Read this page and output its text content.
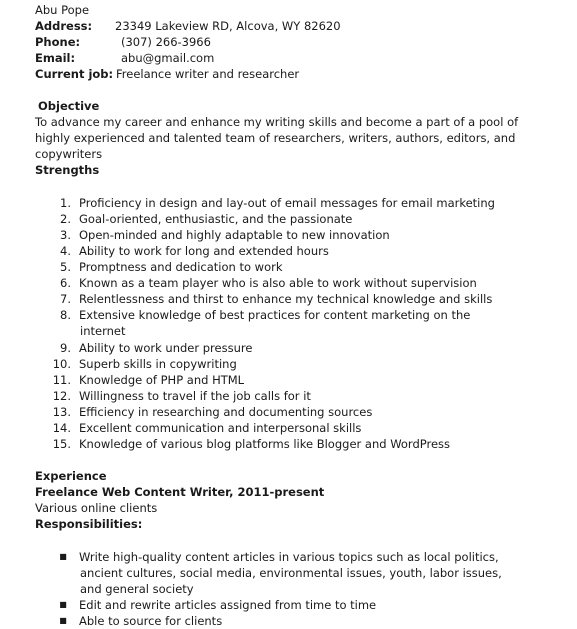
Abu Pope
Address: 23349 Lakeview RD, Alcova, WY 82620
Phone:	(307) 266-3966
Email:	abu@gmail.com
Current job: Freelance writer and researcher
Objective
To advance my career and enhance my writing skills and become a part of a pool of
highly experienced and talented team of researchers, writers, authors, editors, and
copywriters
Strengths
1. Proficiency in design and lay-out of email messages for email marketing
2. Goal-oriented, enthusiastic, and the passionate
3. Open-minded and highly adaptable to new innovation
4. Ability to work for long and extended hours
5. Promptness and dedication to work
6. Known as a team player who is also able to work without supervision
7. Relentlessness and thirst to enhance my technical knowledge and skills
8. Extensive knowledge of best practices for content marketing on the
internet
9. Ability to work under pressure
10. Superb skills in copywriting
11. Knowledge of PHP and HTML
12. Willingness to travel if the job calls for it
13. Efficiency in researching and documenting sources
14. Excellent communication and interpersonal skills
15. Knowledge of various blog platforms like Blogger and WordPress
Experience
Freelance Web Content Writer, 2011-present
Various online clients
Responsibilities:
■ Write high-quality content articles in various topics such as local politics,
ancient cultures, social media, environmental issues, youth, labor issues,
and general society
■ Edit and rewrite articles assigned from time to time
■ Able to source for clients
